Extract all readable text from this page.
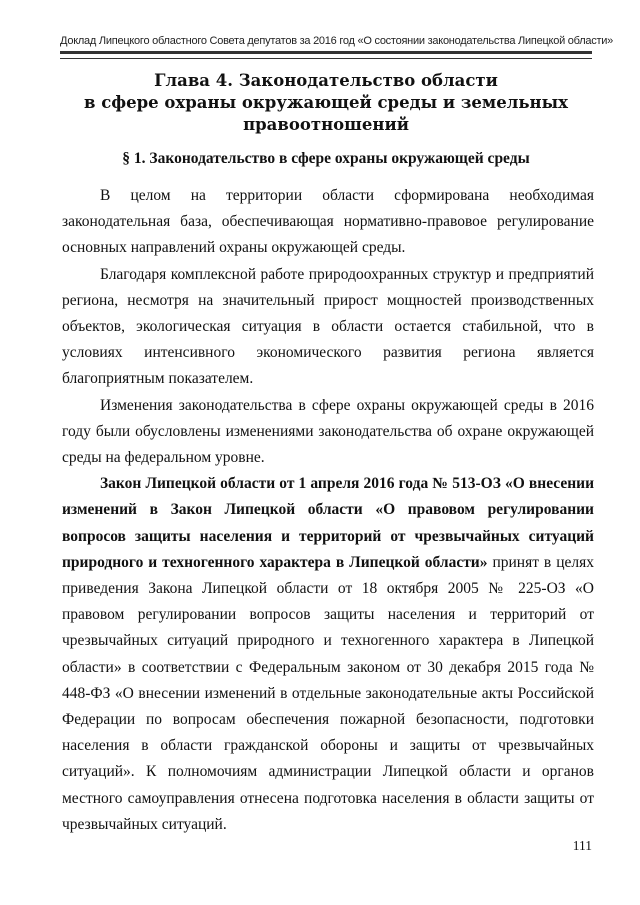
Доклад Липецкого областного Совета депутатов за 2016 год «О состоянии законодательства Липецкой области»
Глава 4. Законодательство области
в сфере охраны окружающей среды и земельных
правоотношений
§ 1. Законодательство в сфере охраны окружающей среды

В целом на территории области сформирована необходимая законодательная база, обеспечивающая нормативно-правовое регулирование основных направлений охраны окружающей среды.

Благодаря комплексной работе природоохранных структур и предприятий региона, несмотря на значительный прирост мощностей производственных объектов, экологическая ситуация в области остается стабильной, что в условиях интенсивного экономического развития региона является благоприятным показателем.

Изменения законодательства в сфере охраны окружающей среды в 2016 году были обусловлены изменениями законодательства об охране окружающей среды на федеральном уровне.

Закон Липецкой области от 1 апреля 2016 года № 513-ОЗ «О внесении изменений в Закон Липецкой области «О правовом регулировании вопросов защиты населения и территорий от чрезвычайных ситуаций природного и техногенного характера в Липецкой области» принят в целях приведения Закона Липецкой области от 18 октября 2005 № 225-ОЗ «О правовом регулировании вопросов защиты населения и территорий от чрезвычайных ситуаций природного и техногенного характера в Липецкой области» в соответствии с Федеральным законом от 30 декабря 2015 года № 448-ФЗ «О внесении изменений в отдельные законодательные акты Российской Федерации по вопросам обеспечения пожарной безопасности, подготовки населения в области гражданской обороны и защиты от чрезвычайных ситуаций». К полномочиям администрации Липецкой области и органов местного самоуправления отнесена подготовка населения в области защиты от чрезвычайных ситуаций.

111
